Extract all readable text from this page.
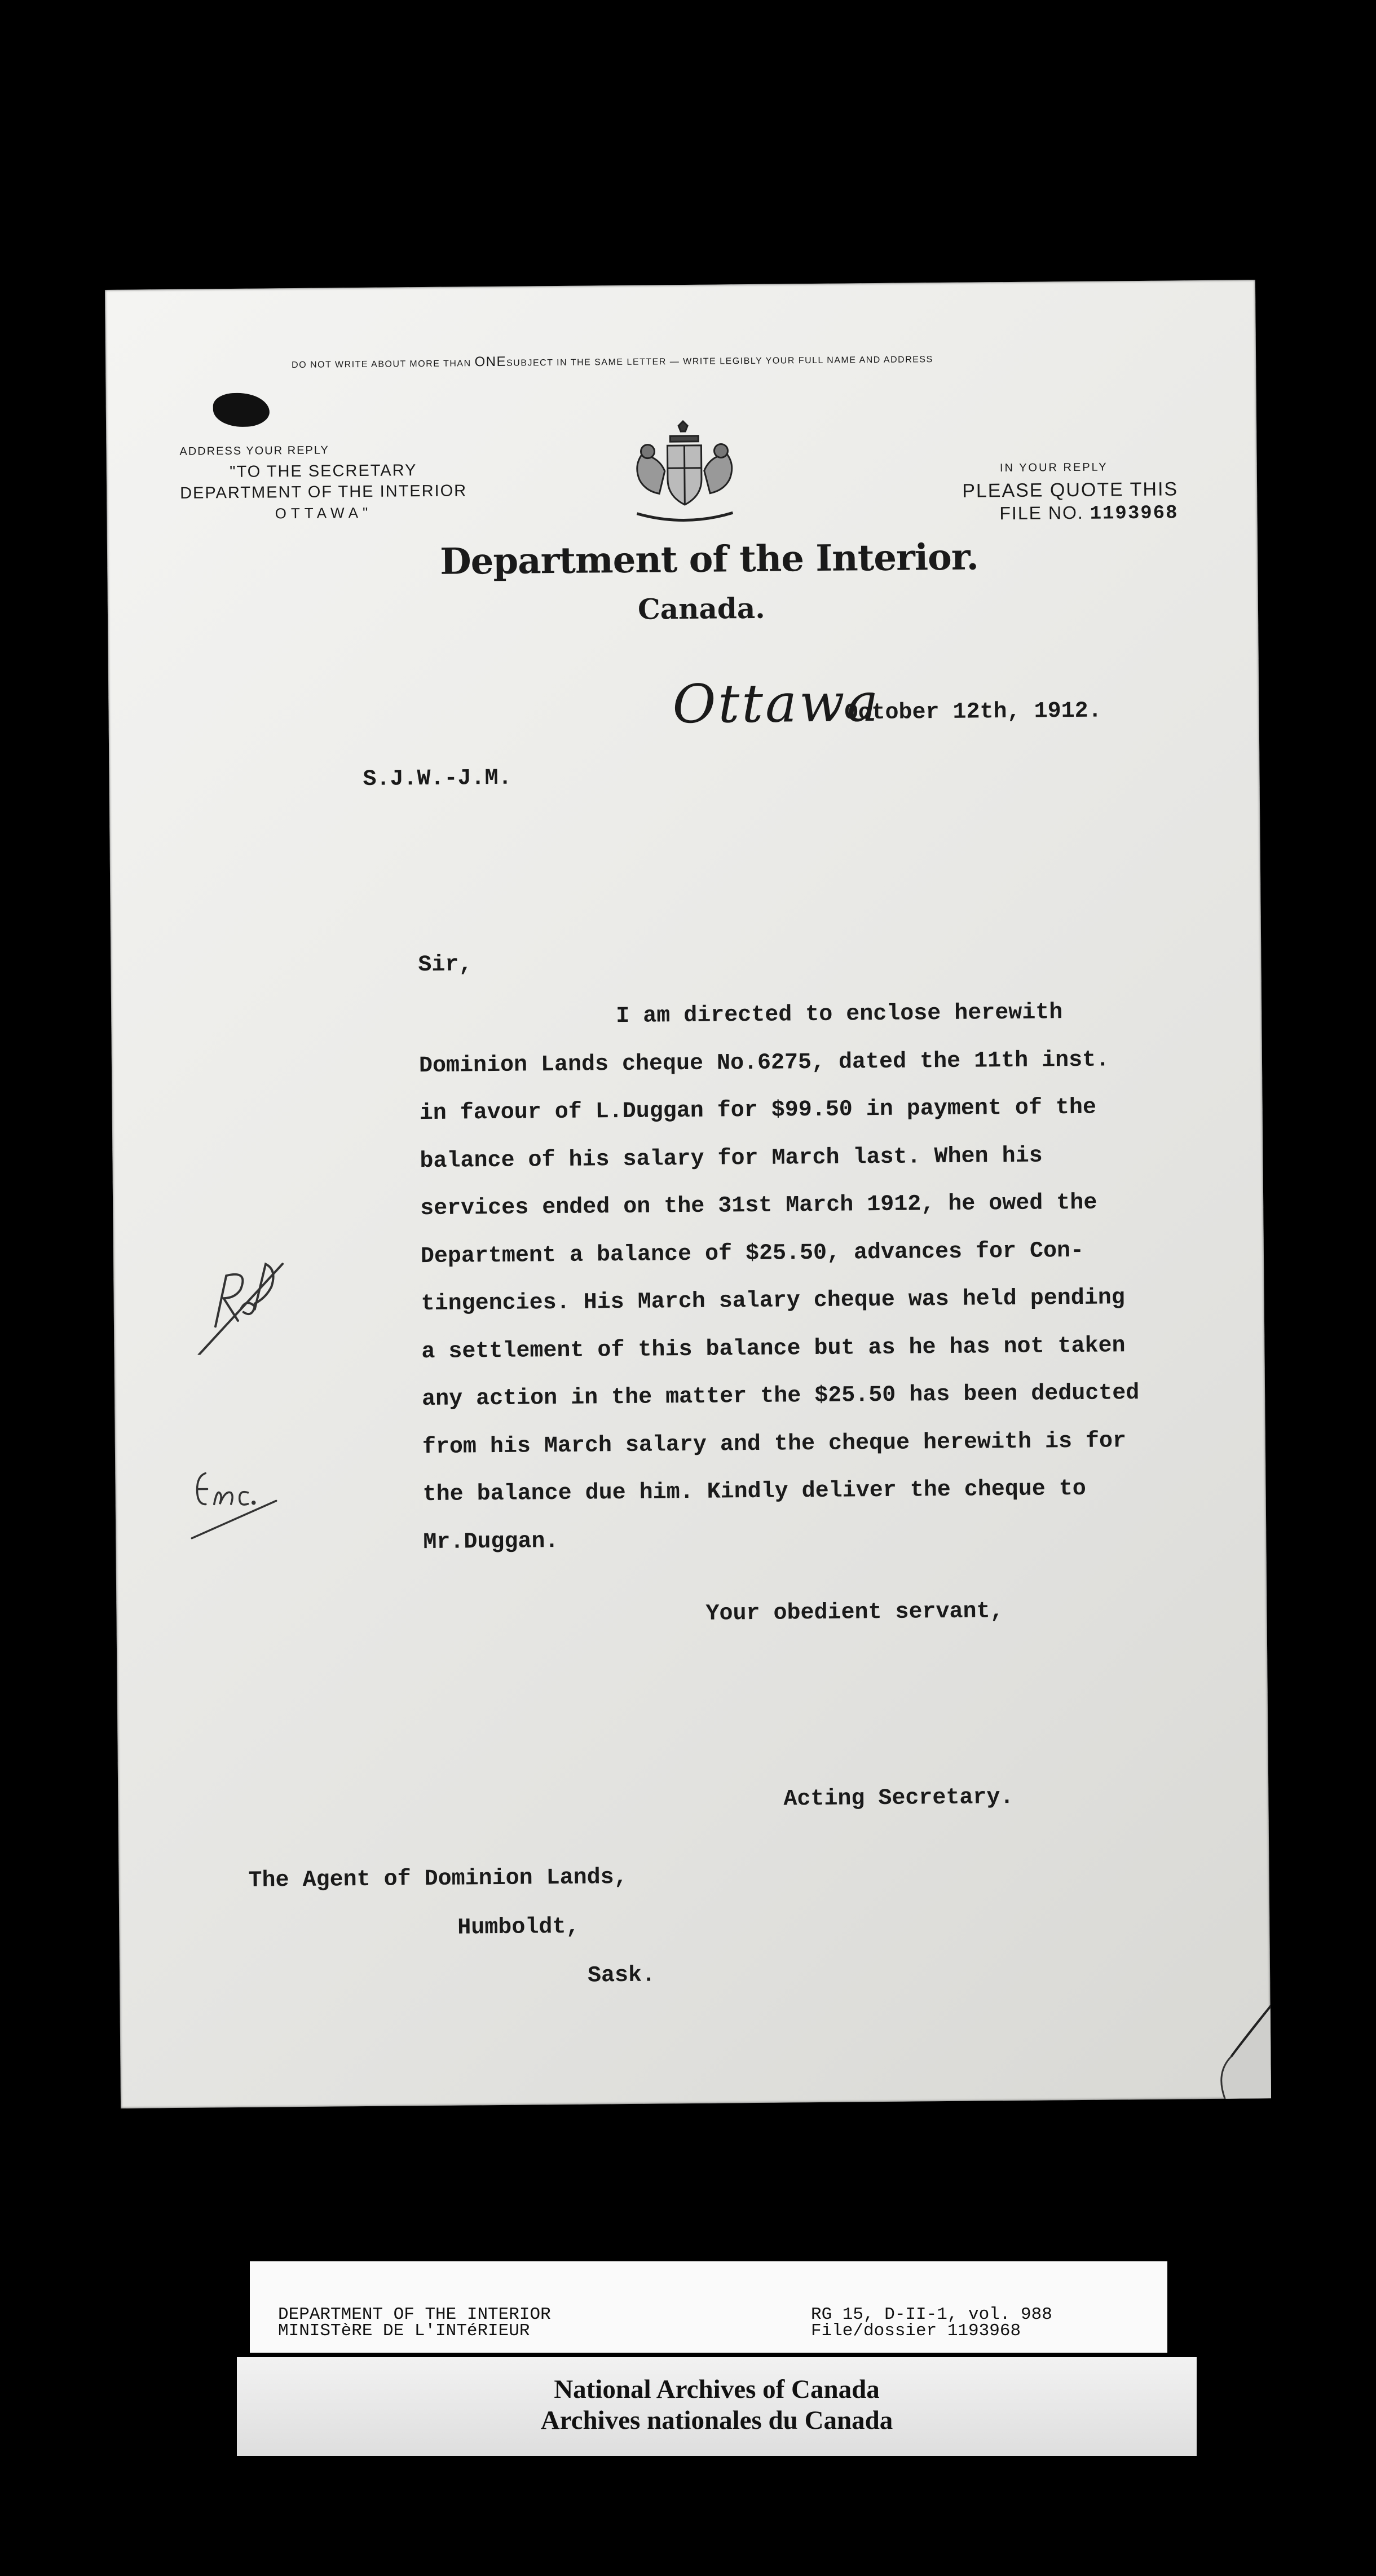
DO NOT WRITE ABOUT MORE THAN ONESUBJECT IN THE SAME LETTER — WRITE LEGIBLY YOUR FULL NAME AND ADDRESS
ADDRESS YOUR REPLY
"TO THE SECRETARY
DEPARTMENT OF THE INTERIOR
OTTAWA"
IN YOUR REPLY
PLEASE QUOTE THIS
FILE NO. 1193968
Department of the Interior.
Canada.
Ottawa
October 12th, 1912.
S.J.W.-J.M.
Sir,
I am directed to enclose herewith
Dominion Lands cheque No.6275, dated the 11th inst.
in favour of L.Duggan for $99.50 in payment of the
balance of his salary for March last. When his
services ended on the 31st March 1912, he owed the
Department a balance of $25.50, advances for Con-
tingencies. His March salary cheque was held pending
a settlement of this balance but as he has not taken
any action in the matter the $25.50 has been deducted
from his March salary and the cheque herewith is for
the balance due him. Kindly deliver the cheque to
Mr.Duggan.
Your obedient servant,
Acting Secretary.
The Agent of Dominion Lands,
Humboldt,
Sask.
DEPARTMENT OF THE INTERIOR
MINISTèRE DE L'INTéRIEUR
RG 15, D-II-1, vol. 988
File/dossier 1193968
National Archives of Canada
Archives nationales du Canada
